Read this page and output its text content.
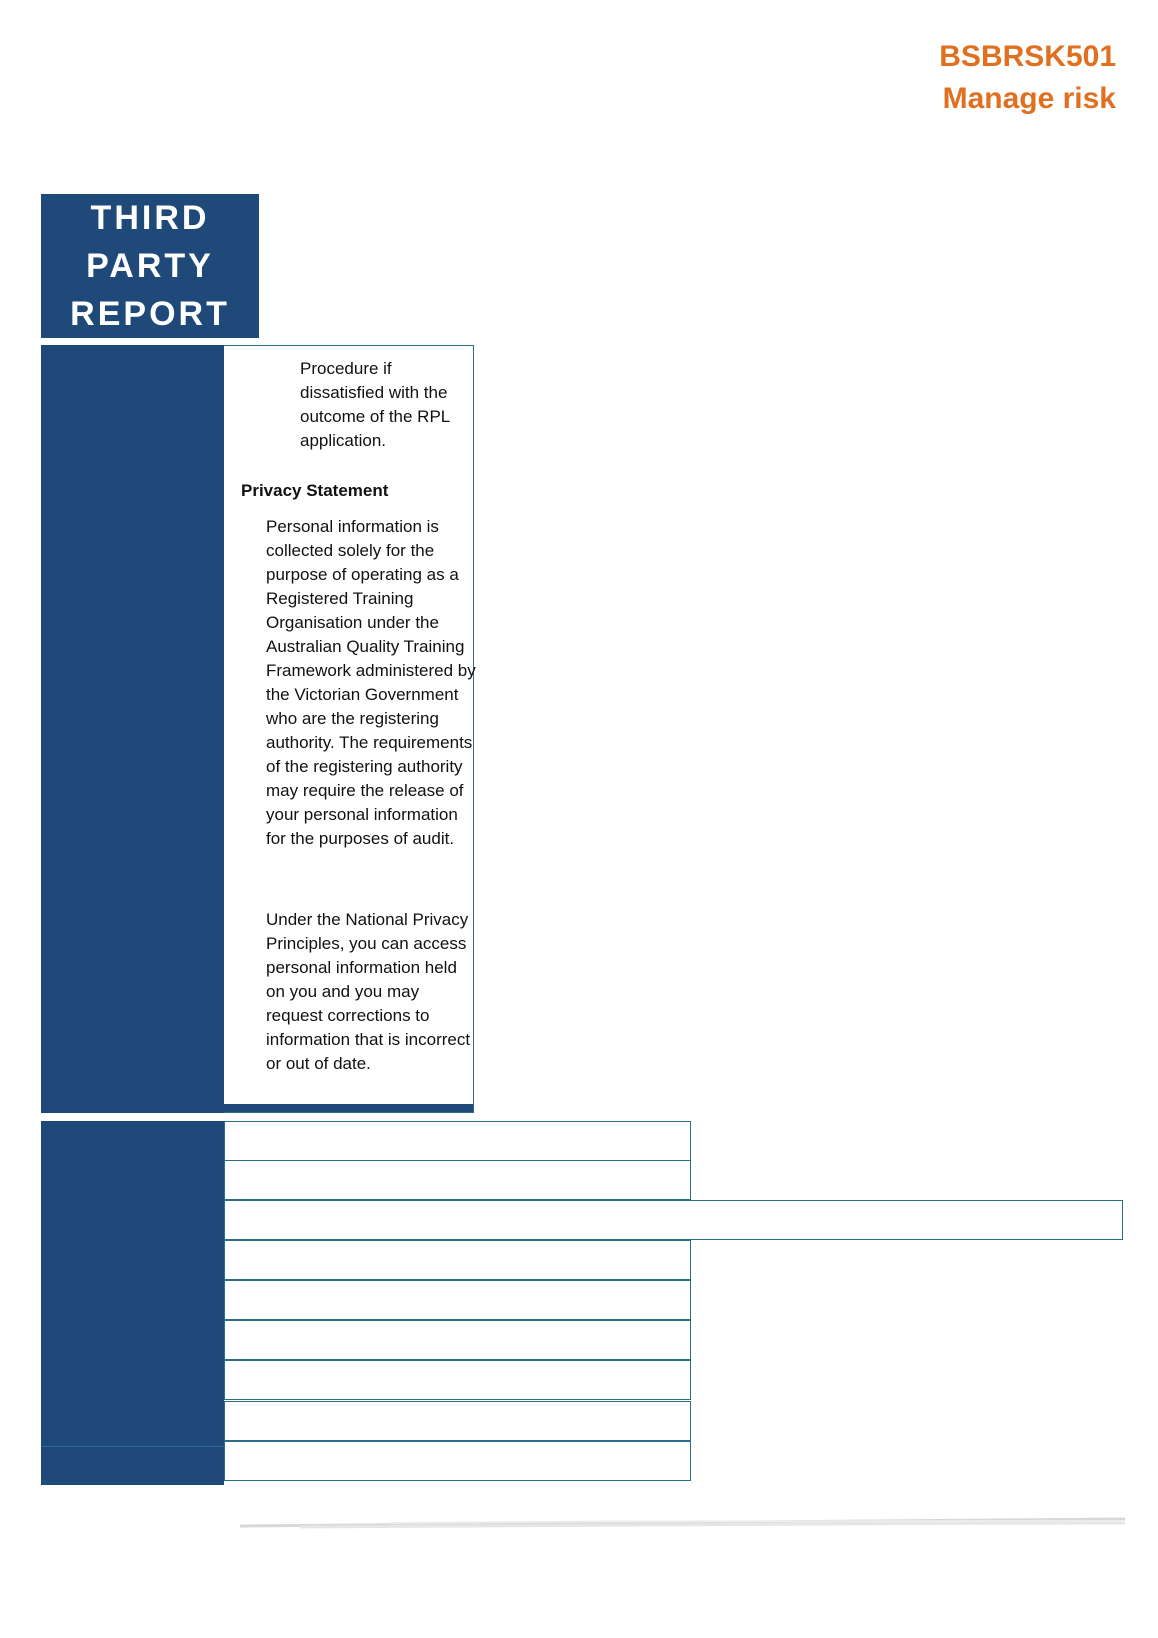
BSBRSK501
Manage risk
THIRD
PARTY
REPORT
Procedure if dissatisfied with the outcome of the RPL application.
Privacy Statement
Personal information is collected solely for the purpose of operating as a Registered Training Organisation under the Australian Quality Training Framework administered by the Victorian Government who are the registering authority. The requirements of the registering authority may require the release of your personal information for the purposes of audit.
Under the National Privacy Principles, you can access personal information held on you and you may request corrections to information that is incorrect or out of date.
